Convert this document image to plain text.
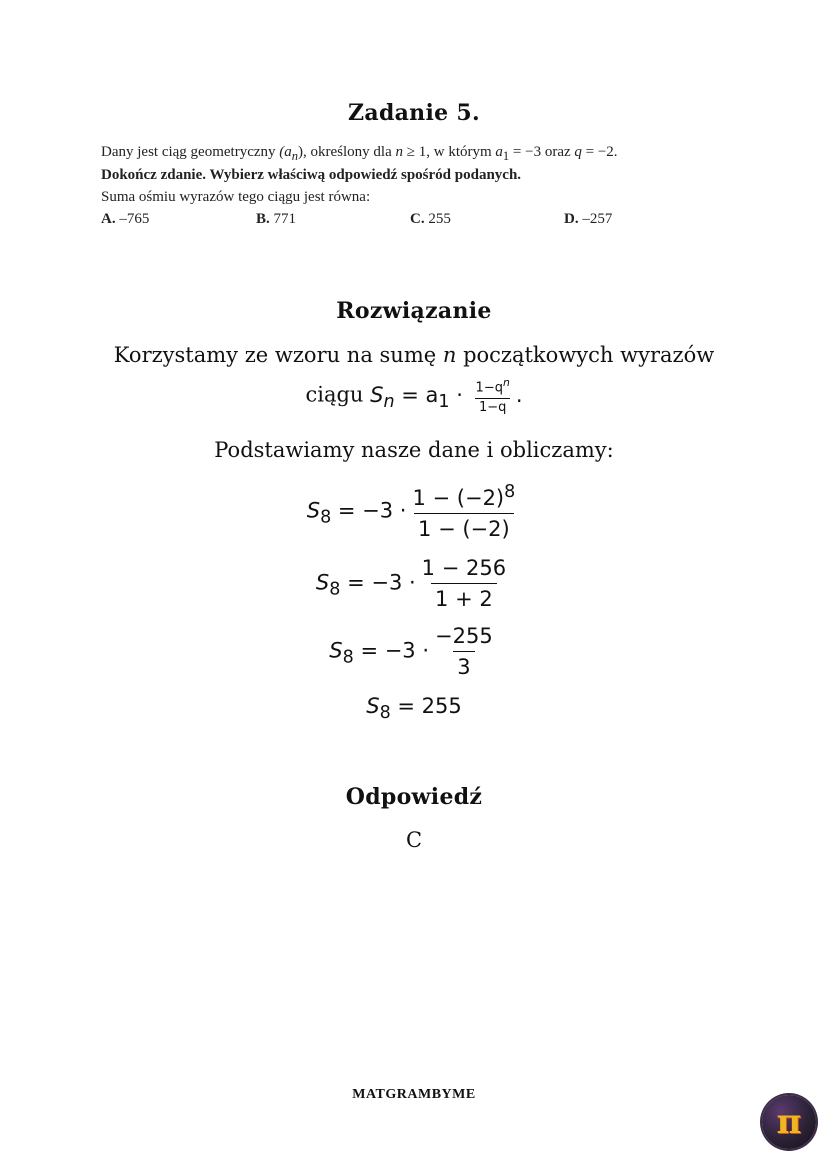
Zadanie 5.
Dany jest ciąg geometryczny $(a_n)$, określony dla n ≥ 1, w którym $a_1 = -3$ oraz q = −2.
Dokończ zdanie. Wybierz właściwą odpowiedź spośród podanych.
Suma ośmiu wyrazów tego ciągu jest równa:
A. –765	B. 771	C. 255	D. –257
Rozwiązanie
Korzystamy ze wzoru na sumę n początkowych wyrazów
ciągu $S_n = a_1 \cdot \frac{1-q^n}{1-q}$ .
Podstawiamy nasze dane i obliczamy:
$S_8 = -3 \cdot \frac{1 - (-2)^8}{1 - (-2)}$
$S_8 = -3 \cdot \frac{1 - 256}{1 + 2}$
$S_8 = -3 \cdot \frac{-255}{3}$
$S_8 = 255$
Odpowiedź
C
MATGRAMBYME
π
